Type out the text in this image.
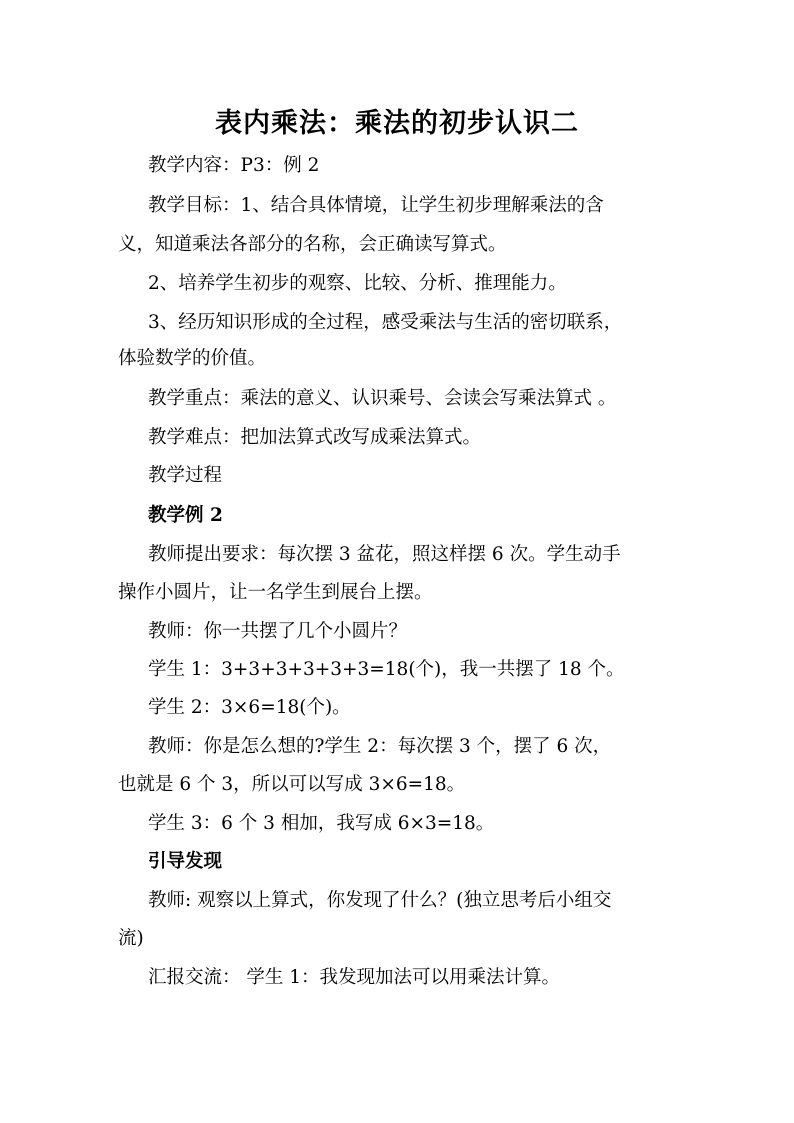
表内乘法：乘法的初步认识二
教学内容：P3：例 2
教学目标：1、结合具体情境，让学生初步理解乘法的含
义，知道乘法各部分的名称，会正确读写算式。
2、培养学生初步的观察、比较、分析、推理能力。
3、经历知识形成的全过程，感受乘法与生活的密切联系，
体验数学的价值。
教学重点：乘法的意义、认识乘号、会读会写乘法算式 。
教学难点：把加法算式改写成乘法算式。
教学过程
教学例 2
教师提出要求：每次摆 3 盆花，照这样摆 6 次。学生动手
操作小圆片，让一名学生到展台上摆。
教师：你一共摆了几个小圆片？
学生 1：3+3+3+3+3+3=18(个)，我一共摆了 18 个。
学生 2：3×6=18(个)。
教师：你是怎么想的?学生 2：每次摆 3 个，摆了 6 次，
也就是 6 个 3，所以可以写成 3×6=18。
学生 3：6 个 3 相加，我写成 6×3=18。
引导发现
教师: 观察以上算式，你发现了什么？(独立思考后小组交
流)
汇报交流： 学生 1：我发现加法可以用乘法计算。
